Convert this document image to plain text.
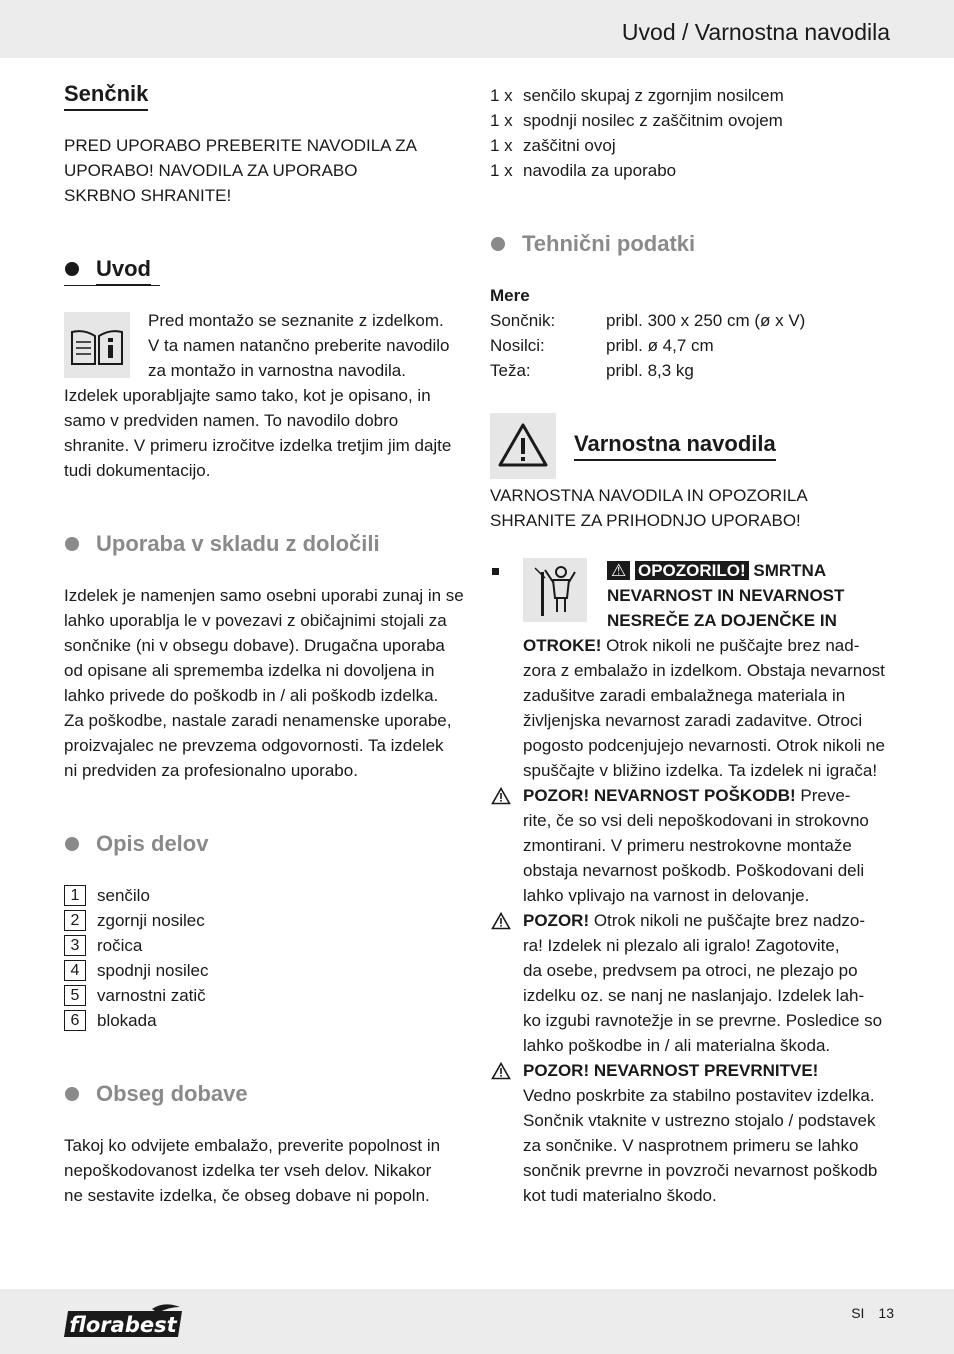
Uvod / Varnostna navodila
Senčnik

PRED UPORABO PREBERITE NAVODILA ZA

UPORABO! NAVODILA ZA UPORABO

SKRBNO SHRANITE!

Uvod

Pred montažo se seznanite z izdelkom.

V ta namen natančno preberite navodilo

za montažo in varnostna navodila.

Izdelek uporabljajte samo tako, kot je opisano, in

samo v predviden namen. To navodilo dobro

shranite. V primeru izročitve izdelka tretjim jim dajte

tudi dokumentacijo.

Uporaba v skladu z določili

Izdelek je namenjen samo osebni uporabi zunaj in se

lahko uporablja le v povezavi z običajnimi stojali za

sončnike (ni v obsegu dobave). Drugačna uporaba

od opisane ali sprememba izdelka ni dovoljena in

lahko privede do poškodb in / ali poškodb izdelka.

Za poškodbe, nastale zaradi nenamenske uporabe,

proizvajalec ne prevzema odgovornosti. Ta izdelek

ni predviden za profesionalno uporabo.

Opis delov
1	senčilo
2	zgornji nosilec
3	ročica
4	spodnji nosilec
5	varnostni zatič
6	blokada
Obseg dobave

Takoj ko odvijete embalažo, preverite popolnost in

nepoškodovanost izdelka ter vseh delov. Nikakor

ne sestavite izdelka, če obseg dobave ni popoln.

1 x senčilo skupaj z zgornjim nosilcem
1 x spodnji nosilec z zaščitnim ovojem
1 x zaščitni ovoj
1 x navodila za uporabo
Tehnični podatki
Mere
Sončnik:	pribl. 300 x 250 cm (ø x V)
Nosilci:	pribl. ø 4,7 cm
Teža:	pribl. 8,3 kg
Varnostna navodila

VARNOSTNA NAVODILA IN OPOZORILA

SHRANITE ZA PRIHODNJO UPORABO!

⚠ OPOZORILO! SMRTNA

NEVARNOST IN NEVARNOST

NESREČE ZA DOJENČKE IN

OTROKE! Otrok nikoli ne puščajte brez nad-

zora z embalažo in izdelkom. Obstaja nevarnost

zadušitve zaradi embalažnega materiala in

življenjska nevarnost zaradi zadavitve. Otroci

pogosto podcenjujejo nevarnosti. Otrok nikoli ne

spuščajte v bližino izdelka. Ta izdelek ni igrača!

POZOR! NEVARNOST POŠKODB! Preve-

rite, če so vsi deli nepoškodovani in strokovno

zmontirani. V primeru nestrokovne montaže

obstaja nevarnost poškodb. Poškodovani deli

lahko vplivajo na varnost in delovanje.

POZOR! Otrok nikoli ne puščajte brez nadzo-

ra! Izdelek ni plezalo ali igralo! Zagotovite,

da osebe, predvsem pa otroci, ne plezajo po

izdelku oz. se nanj ne naslanjajo. Izdelek lah-

ko izgubi ravnotežje in se prevrne. Posledice so

lahko poškodbe in / ali materialna škoda.

POZOR! NEVARNOST PREVRNITVE!

Vedno poskrbite za stabilno postavitev izdelka.

Sončnik vtaknite v ustrezno stojalo / podstavek

za sončnike. V nasprotnem primeru se lahko

sončnik prevrne in povzroči nevarnost poškodb

kot tudi materialno škodo.

florabest	SI 13
